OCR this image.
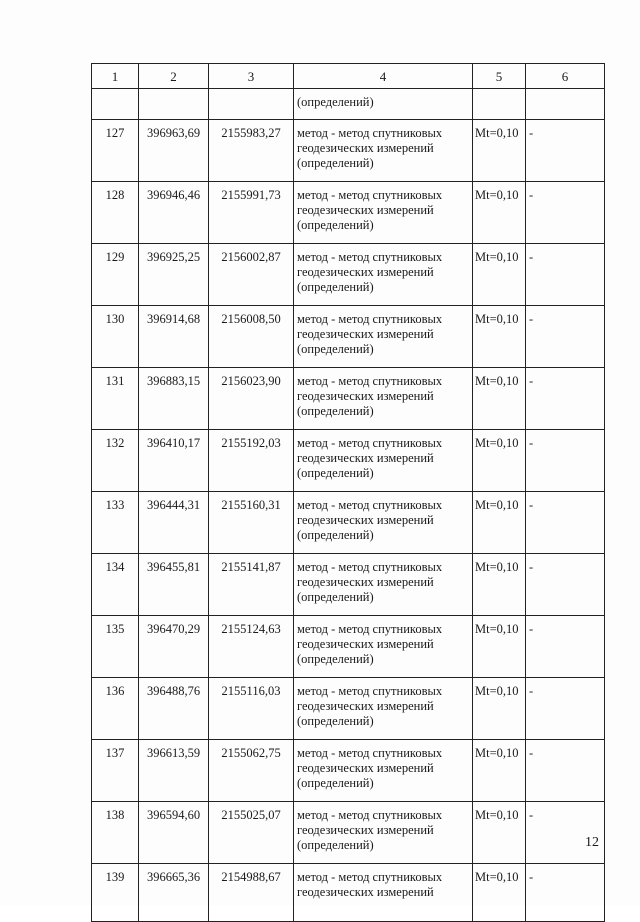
1	2	3	4	5	6
			(определений)		
127	396963,69	2155983,27	метод - метод спутниковых
геодезических измерений
(определений)	Mt=0,10	-
128	396946,46	2155991,73	метод - метод спутниковых
геодезических измерений
(определений)	Mt=0,10	-
129	396925,25	2156002,87	метод - метод спутниковых
геодезических измерений
(определений)	Mt=0,10	-
130	396914,68	2156008,50	метод - метод спутниковых
геодезических измерений
(определений)	Mt=0,10	-
131	396883,15	2156023,90	метод - метод спутниковых
геодезических измерений
(определений)	Mt=0,10	-
132	396410,17	2155192,03	метод - метод спутниковых
геодезических измерений
(определений)	Mt=0,10	-
133	396444,31	2155160,31	метод - метод спутниковых
геодезических измерений
(определений)	Mt=0,10	-
134	396455,81	2155141,87	метод - метод спутниковых
геодезических измерений
(определений)	Mt=0,10	-
135	396470,29	2155124,63	метод - метод спутниковых
геодезических измерений
(определений)	Mt=0,10	-
136	396488,76	2155116,03	метод - метод спутниковых
геодезических измерений
(определений)	Mt=0,10	-
137	396613,59	2155062,75	метод - метод спутниковых
геодезических измерений
(определений)	Mt=0,10	-
138	396594,60	2155025,07	метод - метод спутниковых
геодезических измерений
(определений)	Mt=0,10	-
139	396665,36	2154988,67	метод - метод спутниковых
геодезических измерений	Mt=0,10	-
12
